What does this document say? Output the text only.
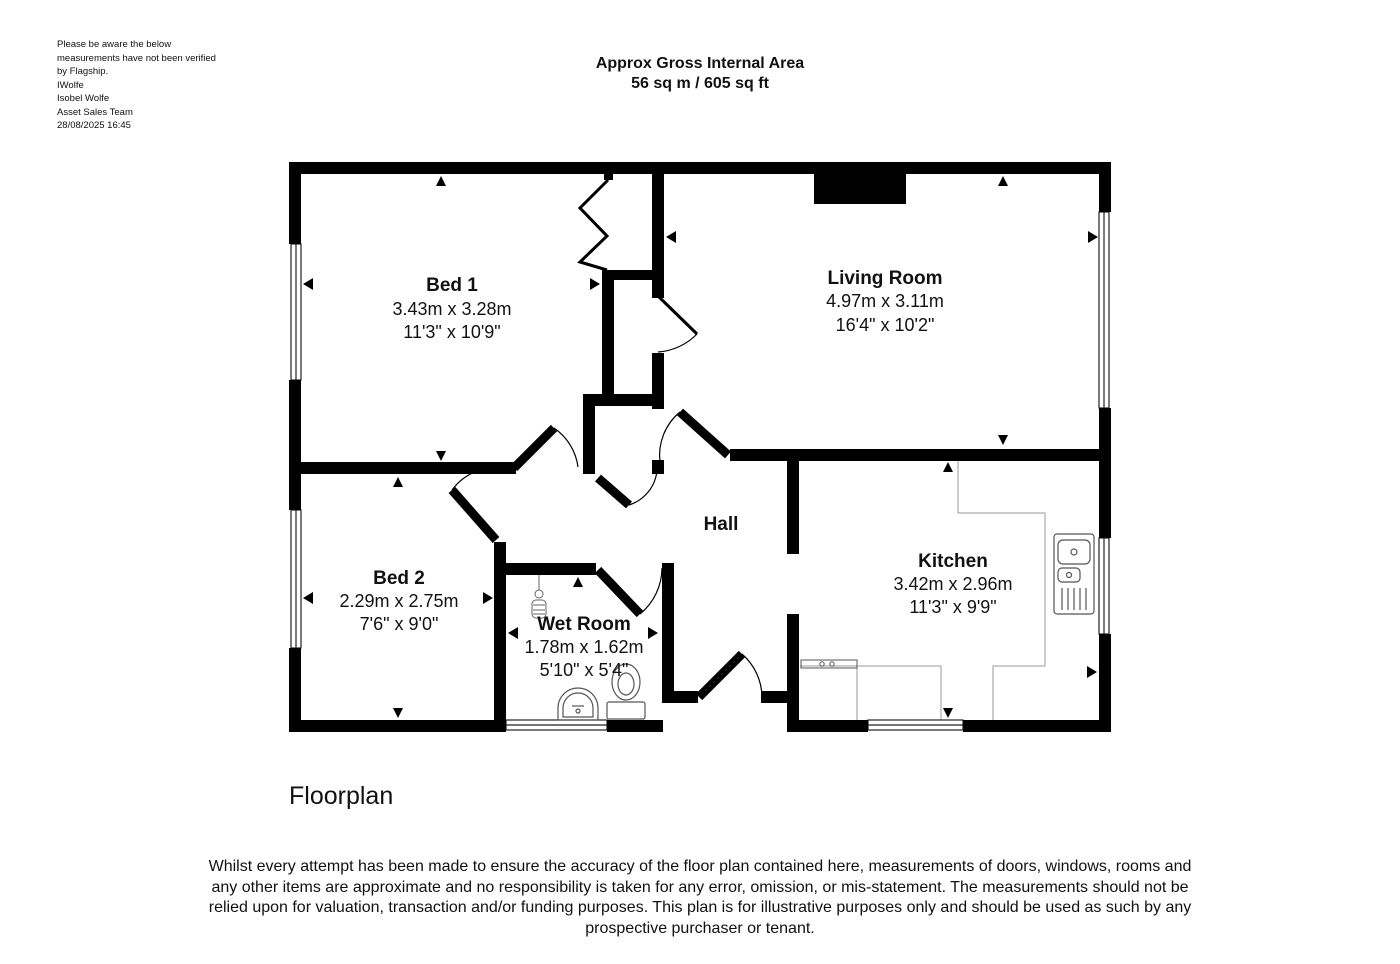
Please be aware the below
measurements have not been verified
by Flagship.
IWolfe
Isobel Wolfe
Asset Sales Team
28/08/2025 16:45
Approx Gross Internal Area
56 sq m / 605 sq ft
Bed 1
3.43m x 3.28m
11'3" x 10'9"
Living Room
4.97m x 3.11m
16'4" x 10'2"
Hall
Kitchen
3.42m x 2.96m
11'3" x 9'9"
Bed 2
2.29m x 2.75m
7'6" x 9'0"	Wet Room
1.78m x 1.62m
5'10" x 5'4"
Floorplan
Whilst every attempt has been made to ensure the accuracy of the floor plan contained here, measurements of doors, windows, rooms and
any other items are approximate and no responsibility is taken for any error, omission, or mis-statement. The measurements should not be
relied upon for valuation, transaction and/or funding purposes. This plan is for illustrative purposes only and should be used as such by any
prospective purchaser or tenant.
